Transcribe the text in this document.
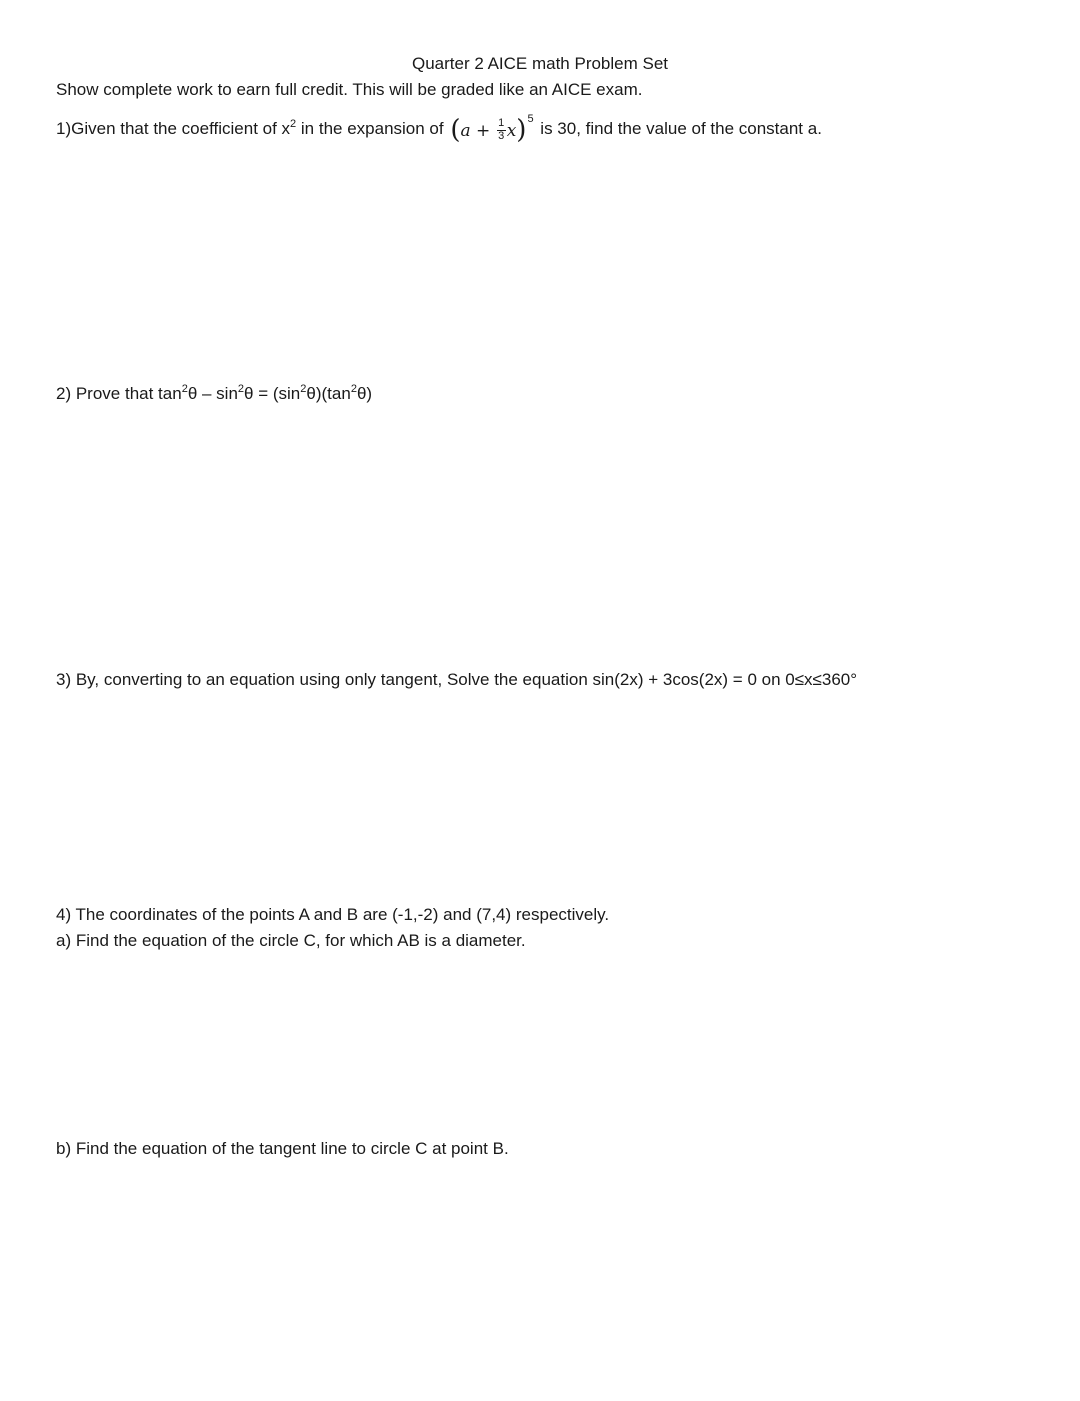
Quarter 2 AICE math Problem Set
Show complete work to earn full credit. This will be graded like an AICE exam.
1)Given that the coefficient of $x^2$ in the expansion of $(a + \frac{1}{3} x)^5$ is 30, find the value of the constant a.
2) Prove that $\tan^2\theta - \sin^2\theta = (\sin^2\theta)(\tan^2\theta)$
3) By, converting to an equation using only tangent, Solve the equation sin(2x) + 3cos(2x) = 0 on 0≤x≤360°
4) The coordinates of the points A and B are (-1,-2) and (7,4) respectively.
a) Find the equation of the circle C, for which AB is a diameter.
b) Find the equation of the tangent line to circle C at point B.
